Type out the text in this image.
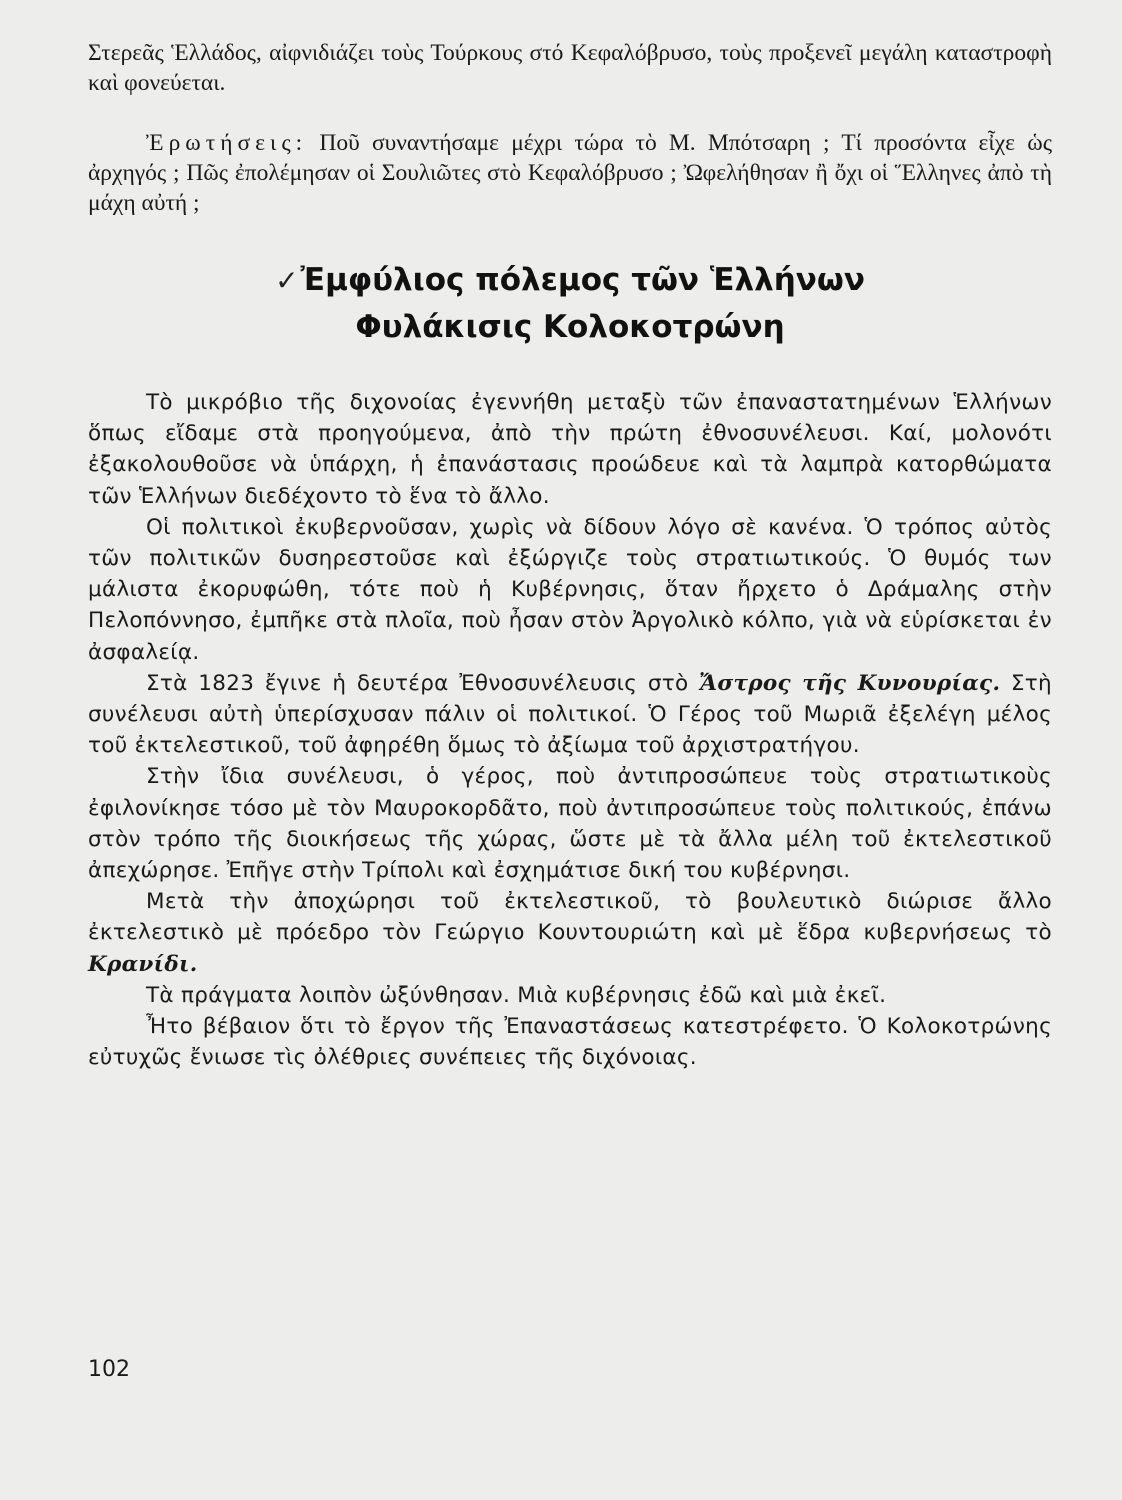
Στερεᾶς Ἑλλάδος, αἰφνιδιάζει τοὺς Τούρκους στό Κεφαλόβρυσο, τοὺς προξενεῖ μεγάλη καταστροφὴ καὶ φονεύεται.

Ἐρωτήσεις: Ποῦ συναντήσαμε μέχρι τώρα τὸ Μ. Μπότσαρη ; Τί προσόντα εἶχε ὡς ἀρχηγός ; Πῶς ἐπολέμησαν οἱ Σουλιῶτες στὸ Κεφαλόβρυσο ; Ὠφελήθησαν ἢ ὄχι οἱ Ἕλληνες ἀπὸ τὴ μάχη αὐτή ;

✓Ἐμφύλιος πόλεμος τῶν Ἑλλήνων
Φυλάκισις Κολοκοτρώνη

Τὸ μικρόβιο τῆς διχονοίας ἐγεννήθη μεταξὺ τῶν ἐπαναστατημένων Ἑλλήνων ὅπως εἴδαμε στὰ προηγούμενα, ἀπὸ τὴν πρώτη ἐθνοσυνέλευσι. Καί, μολονότι ἐξακολουθοῦσε νὰ ὑπάρχη, ἡ ἐπανάστασις προώδευε καὶ τὰ λαμπρὰ κατορθώματα τῶν Ἑλλήνων διεδέχοντο τὸ ἕνα τὸ ἄλλο.

Οἱ πολιτικοὶ ἐκυβερνοῦσαν, χωρὶς νὰ δίδουν λόγο σὲ κανένα. Ὁ τρόπος αὐτὸς τῶν πολιτικῶν δυσηρεστοῦσε καὶ ἐξώργιζε τοὺς στρατιωτικούς. Ὁ θυμός των μάλιστα ἐκορυφώθη, τότε ποὺ ἡ Κυβέρνησις, ὅταν ἤρχετο ὁ Δράμαλης στὴν Πελοπόννησο, ἐμπῆκε στὰ πλοῖα, ποὺ ἦσαν στὸν Ἀργολικὸ κόλπο, γιὰ νὰ εὑρίσκεται ἐν ἀσφαλείᾳ.

Στὰ 1823 ἔγινε ἡ δευτέρα Ἐθνοσυνέλευσις στὸ Ἄστρος τῆς Κυνουρίας. Στὴ συνέλευσι αὐτὴ ὑπερίσχυσαν πάλιν οἱ πολιτικοί. Ὁ Γέρος τοῦ Μωριᾶ ἐξελέγη μέλος τοῦ ἐκτελεστικοῦ, τοῦ ἀφηρέθη ὅμως τὸ ἀξίωμα τοῦ ἀρχιστρατήγου.

Στὴν ἴδια συνέλευσι, ὁ γέρος, ποὺ ἀντιπροσώπευε τοὺς στρατιωτικοὺς ἐφιλονίκησε τόσο μὲ τὸν Μαυροκορδᾶτο, ποὺ ἀντιπροσώπευε τοὺς πολιτικούς, ἐπάνω στὸν τρόπο τῆς διοικήσεως τῆς χώρας, ὥστε μὲ τὰ ἄλλα μέλη τοῦ ἐκτελεστικοῦ ἀπεχώρησε. Ἐπῆγε στὴν Τρίπολι καὶ ἐσχημάτισε δική του κυβέρνησι.

Μετὰ τὴν ἀποχώρησι τοῦ ἐκτελεστικοῦ, τὸ βουλευτικὸ διώρισε ἄλλο ἐκτελεστικὸ μὲ πρόεδρο τὸν Γεώργιο Κουντουριώτη καὶ μὲ ἕδρα κυβερνήσεως τὸ Κρανίδι.

Τὰ πράγματα λοιπὸν ὠξύνθησαν. Μιὰ κυβέρνησις ἐδῶ καὶ μιὰ ἐκεῖ.

Ἦτο βέβαιον ὅτι τὸ ἔργον τῆς Ἐπαναστάσεως κατεστρέφετο. Ὁ Κολοκοτρώνης εὐτυχῶς ἔνιωσε τὶς ὀλέθριες συνέπειες τῆς διχόνοιας.

102
